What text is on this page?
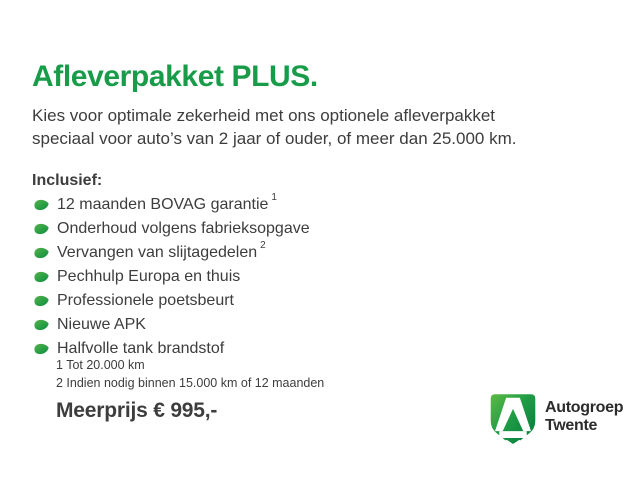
Afleverpakket PLUS.

Kies voor optimale zekerheid met ons optionele afleverpakket
speciaal voor auto’s van 2 jaar of ouder, of meer dan 25.000 km.

Inclusief:
12 maanden BOVAG garantie 1
Onderhoud volgens fabrieksopgave
Vervangen van slijtagedelen 2
Pechhulp Europa en thuis
Professionele poetsbeurt
Nieuwe APK
Halfvolle tank brandstof
1 Tot 20.000 km
2 Indien nodig binnen 15.000 km of 12 maanden
Meerprijs € 995,-	Autogroep
Twente
